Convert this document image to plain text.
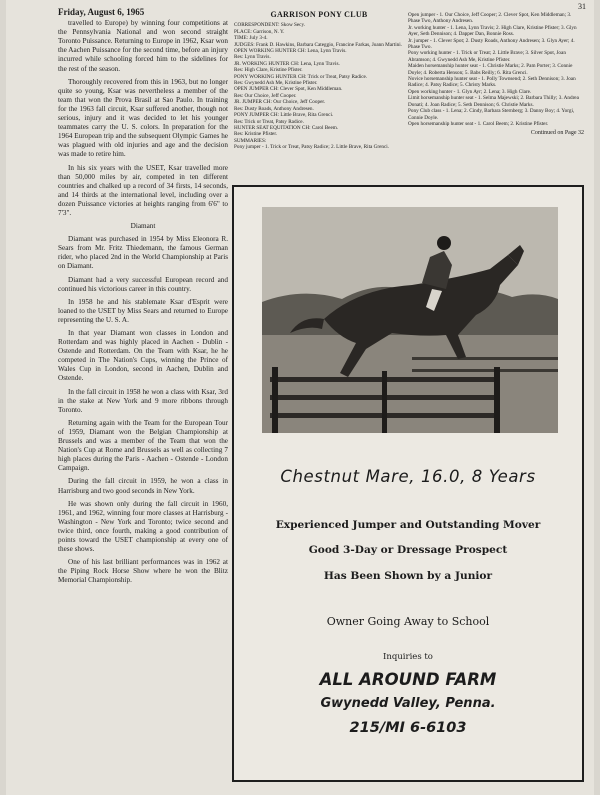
31

Friday, August 6, 1965

travelled to Europe) by winning four competitions at the Pennsylvania National and won second straight Toronto Puissance. Returning to Europe in 1962, Ksar won the Aachen Puissance for the second time, before an injury incurred while schooling forced him to the sidelines for the rest of the season.

Thoroughly recovered from this in 1963, but no longer quite so young, Ksar was nevertheless a member of the team that won the Prova Brasil at Sao Paulo. In training for the 1963 fall circuit, Ksar suffered another, though not serious, injury and it was decided to let his younger teammates carry the U. S. colors. In preparation for the 1964 European trip and the subsequent Olympic Games he was plagued with old injuries and age and the decision was made to retire him.

In his six years with the USET, Ksar travelled more than 50,000 miles by air, competed in ten different countries and chalked up a record of 34 firsts, 14 seconds, and 14 thirds at the international level, including over a dozen Puissance victories at heights ranging from 6'6" to 7'3".

Diamant

Diamant was purchased in 1954 by Miss Eleonora R. Sears from Mr. Fritz Thiedemann, the famous German rider, who placed 2nd in the World Championship at Paris on Diamant.

Diamant had a very successful European record and continued his victorious career in this country.

In 1958 he and his stablemate Ksar d'Esprit were loaned to the USET by Miss Sears and returned to Europe representing the U. S. A.

In that year Diamant won classes in London and Rotterdam and was highly placed in Aachen - Dublin - Ostende and Rotterdam. On the Team with Ksar, he he competed in The Nation's Cups, winning the Prince of Wales Cup in London, second in Aachen, Dublin and Ostende.

In the fall circuit in 1958 he won a class with Ksar, 3rd in the stake at New York and 9 more ribbons through Toronto.

Returning again with the Team for the European Tour of 1959, Diamant won the Belgian Championship at Brussels and was a member of the Team that won the Nation's Cup at Rome and Brussels as well as collecting 7 high places during the Paris - Aachen - Ostende - London Campaign.

During the fall circuit in 1959, he won a class in Harrisburg and two good seconds in New York.

He was shown only during the fall circuit in 1960, 1961, and 1962, winning four more classes at Harrisburg - Washington - New York and Toronto; twice second and twice third, once fourth, making a good contribution of points toward the USET championship at every one of these shows.

One of his last brilliant performances was in 1962 at the Piping Rock Horse Show where he won the Blitz Memorial Championship.

GARRISON PONY CLUB
CORRESPONDENT: Skow Secy.
PLACE: Garrison, N. Y.
TIME: July 3-4.
JUDGES: Frank D. Hawkins, Barbara Categgio, Francine Farkas, Joann Martini.
OPEN WORKING HUNTER CH: Lena, Lynn Travis.
Res: Lynn Travis.
JR. WORKING HUNTER CH: Lena, Lynn Travis.
Res: High Clare, Kristine Pfister.
PONY WORKING HUNTER CH: Trick or Treat, Patsy Radice.
Res: Gwynedd Ash Me, Kristine Pfister.
OPEN JUMPER CH: Clever Spot, Ken Middleman.
Res: Our Choice, Jeff Cooper.
JR. JUMPER CH: Our Choice, Jeff Cooper.
Res: Dusty Roads, Anthony Andresen.
PONY JUMPER CH: Little Brave, Rita Grenci.
Res: Trick or Treat, Patsy Radice.
HUNTER SEAT EQUITATION CH: Carol Beem.
Res: Kristine Pfister.
SUMMARIES:
Pony jumper - 1. Trick or Treat, Patsy Radice; 2. Little Brave, Rita Grenci.
Open jumper - 1. Our Choice, Jeff Cooper; 2. Clever Spot, Ken Middleman; 3. Phase Two, Anthony Andresen.
Jr. working hunter - 1. Lena, Lynn Travis; 2. High Clare, Kristine Pfister; 3. Glyn Ayer, Seth Dennison; 4. Dapper Dan, Bonnie Ross.
Jr. jumper - 1. Clever Spot; 2. Dusty Roads, Anthony Andresen; 3. Glyn Ayer; 4. Phase Two.
Pony working hunter - 1. Trick or Treat; 2. Little Brave; 3. Silver Spot, Joan Abramson; 4. Gwynedd Ash Me, Kristine Pfister.
Maiden horsemanship hunter seat - 1. Christie Marks; 2. Pam Porter; 3. Connie Doyle; 4. Roberta Henson; 5. Babs Reilly; 6. Rita Grenci.
Novice horsemanship hunter seat - 1. Polly Townsend; 2. Seth Dennison; 3. Joan Radice; 4. Patsy Radice; 5. Christy Marks.
Open working hunter - 1. Glyn Ayr; 2. Lena; 3. High Clare.
Limit horsemanship hunter seat - 1. Selma Majewski; 2. Barbara Thilly; 3. Andrea Donati; 4. Joan Radice; 5. Seth Dennison; 6. Christie Marks.
Pony Club class - 1. Lena; 2. Cindy, Barbara Sternberg; 3. Danny Boy; 4. Yorgi, Connie Doyle.
Open horsemanship hunter seat - 1. Carol Beem; 2. Kristine Pfister.
Continued on Page 32
Chestnut Mare, 16.0, 8 Years
Experienced Jumper and Outstanding Mover
Good 3-Day or Dressage Prospect
Has Been Shown by a Junior
Owner Going Away to School
Inquiries to
ALL AROUND FARM
Gwynedd Valley, Penna.
215/MI 6-6103
